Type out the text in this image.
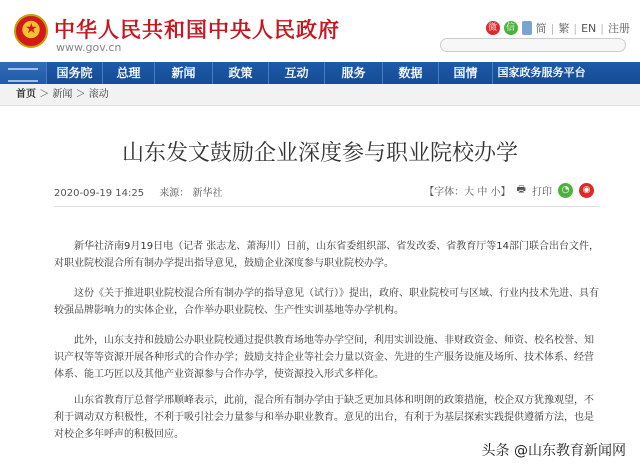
★
中华人民共和国中央人民政府
www.gov.cn
微 信 简 | 繁 | EN | 注册
国务院	总理	新闻	政策	互动	服务	数据	国情	国家政务服务平台
首页 ＞ 新闻 ＞ 滚动
山东发文鼓励企业深度参与职业院校办学
2020-09-19 14:25 来源： 新华社	【字体：大 中 小】 🖶 打印	◔	◉

新华社济南9月19日电（记者 张志龙、萧海川）日前，山东省委组织部、省发改委、省教育厅等14部门联合出台文件，对职业院校混合所有制办学提出指导意见，鼓励企业深度参与职业院校办学。

这份《关于推进职业院校混合所有制办学的指导意见（试行）》提出，政府、职业院校可与区域、行业内技术先进、具有较强品牌影响力的实体企业，合作举办职业院校、生产性实训基地等办学机构。

此外，山东支持和鼓励公办职业院校通过提供教育场地等办学空间，利用实训设施、非财政资金、师资、校名校誉、知识产权等等资源开展各种形式的合作办学；鼓励支持企业等社会力量以资金、先进的生产服务设施及场所、技术体系、经营体系、能工巧匠以及其他产业资源参与合作办学，使资源投入形式多样化。

山东省教育厅总督学邢顺峰表示，此前，混合所有制办学由于缺乏更加具体和明朗的政策措施，校企双方犹豫观望，不利于调动双方积极性，不利于吸引社会力量参与和举办职业教育。意见的出台，有利于为基层探索实践提供遵循方法，也是对校企多年呼声的积极回应。

头条 @山东教育新闻网
